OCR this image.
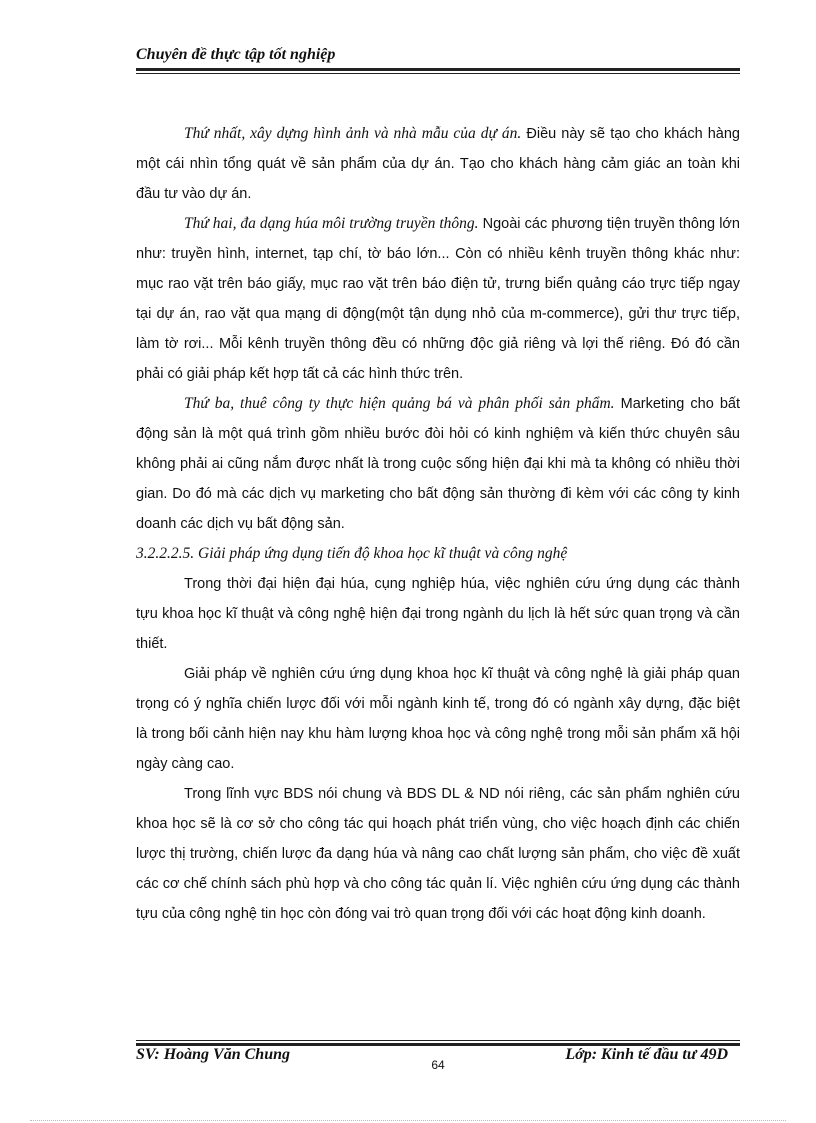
Chuyên đề thực tập tốt nghiệp

Thứ nhất, xây dựng hình ảnh và nhà mẫu của dự án. Điều này sẽ tạo cho khách hàng một cái nhìn tổng quát về sản phẩm của dự án. Tạo cho khách hàng cảm giác an toàn khi đầu tư vào dự án.

Thứ hai, đa dạng húa môi trường truyền thông. Ngoài các phương tiện truyền thông lớn như: truyền hình, internet, tạp chí, tờ báo lớn... Còn có nhiều kênh truyền thông khác như: mục rao vặt trên báo giấy, mục rao vặt trên báo điện tử, trưng biển quảng cáo trực tiếp ngay tại dự án, rao vặt qua mạng di động(một tận dụng nhỏ của m-commerce), gửi thư trực tiếp, làm tờ rơi... Mỗi kênh truyền thông đều có những độc giả riêng và lợi thế riêng. Đó đó cần phải có giải pháp kết hợp tất cả các hình thức trên.

Thứ ba, thuê công ty thực hiện quảng bá và phân phối sản phẩm. Marketing cho bất động sản là một quá trình gồm nhiều bước đòi hỏi có kinh nghiệm và kiến thức chuyên sâu không phải ai cũng nắm được nhất là trong cuộc sống hiện đại khi mà ta không có nhiều thời gian. Do đó mà các dịch vụ marketing cho bất động sản thường đi kèm với các công ty kinh doanh các dịch vụ bất động sản.

3.2.2.2.5. Giải pháp ứng dụng tiến độ khoa học kĩ thuật và công nghệ

Trong thời đại hiện đại húa, cụng nghiệp húa, việc nghiên cứu ứng dụng các thành tựu khoa học kĩ thuật và công nghệ hiện đại trong ngành du lịch là hết sức quan trọng và cần thiết.

Giải pháp về nghiên cứu ứng dụng khoa học kĩ thuật và công nghệ là giải pháp quan trọng có ý nghĩa chiến lược đối với mỗi ngành kinh tế, trong đó có ngành xây dựng, đặc biệt là trong bối cảnh hiện nay khu hàm lượng khoa học và công nghệ trong mỗi sản phẩm xã hội ngày càng cao.

Trong lĩnh vực BDS nói chung và BDS DL & ND nói riêng, các sản phẩm nghiên cứu khoa học sẽ là cơ sở cho công tác qui hoạch phát triển vùng, cho việc hoạch định các chiến lược thị trường, chiến lược đa dạng húa và nâng cao chất lượng sản phẩm, cho việc đề xuất các cơ chế chính sách phù hợp và cho công tác quản lí. Việc nghiên cứu ứng dụng các thành tựu của công nghệ tin học còn đóng vai trò quan trọng đối với các hoạt động kinh doanh.

SV: Hoàng Văn Chung	Lớp: Kinh tế đầu tư 49D
64
